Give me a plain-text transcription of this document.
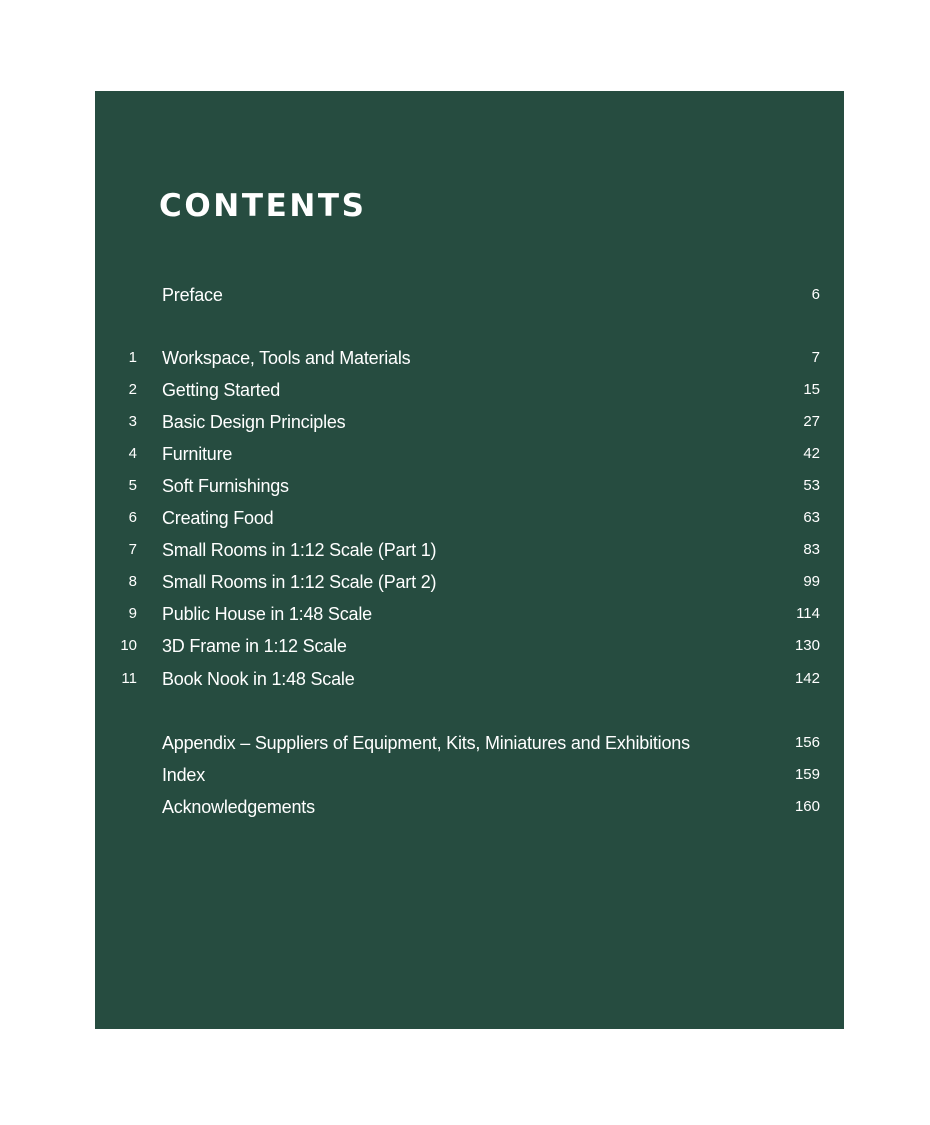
CONTENTS
Preface	6
1 Workspace, Tools and Materials	7
2 Getting Started	15
3 Basic Design Principles	27
4 Furniture	42
5 Soft Furnishings	53
6 Creating Food	63
7 Small Rooms in 1:12 Scale (Part 1)	83
8 Small Rooms in 1:12 Scale (Part 2)	99
9 Public House in 1:48 Scale	114
10 3D Frame in 1:12 Scale	130
11 Book Nook in 1:48 Scale	142
Appendix – Suppliers of Equipment, Kits, Miniatures and Exhibitions	156
Index	159
Acknowledgements	160
